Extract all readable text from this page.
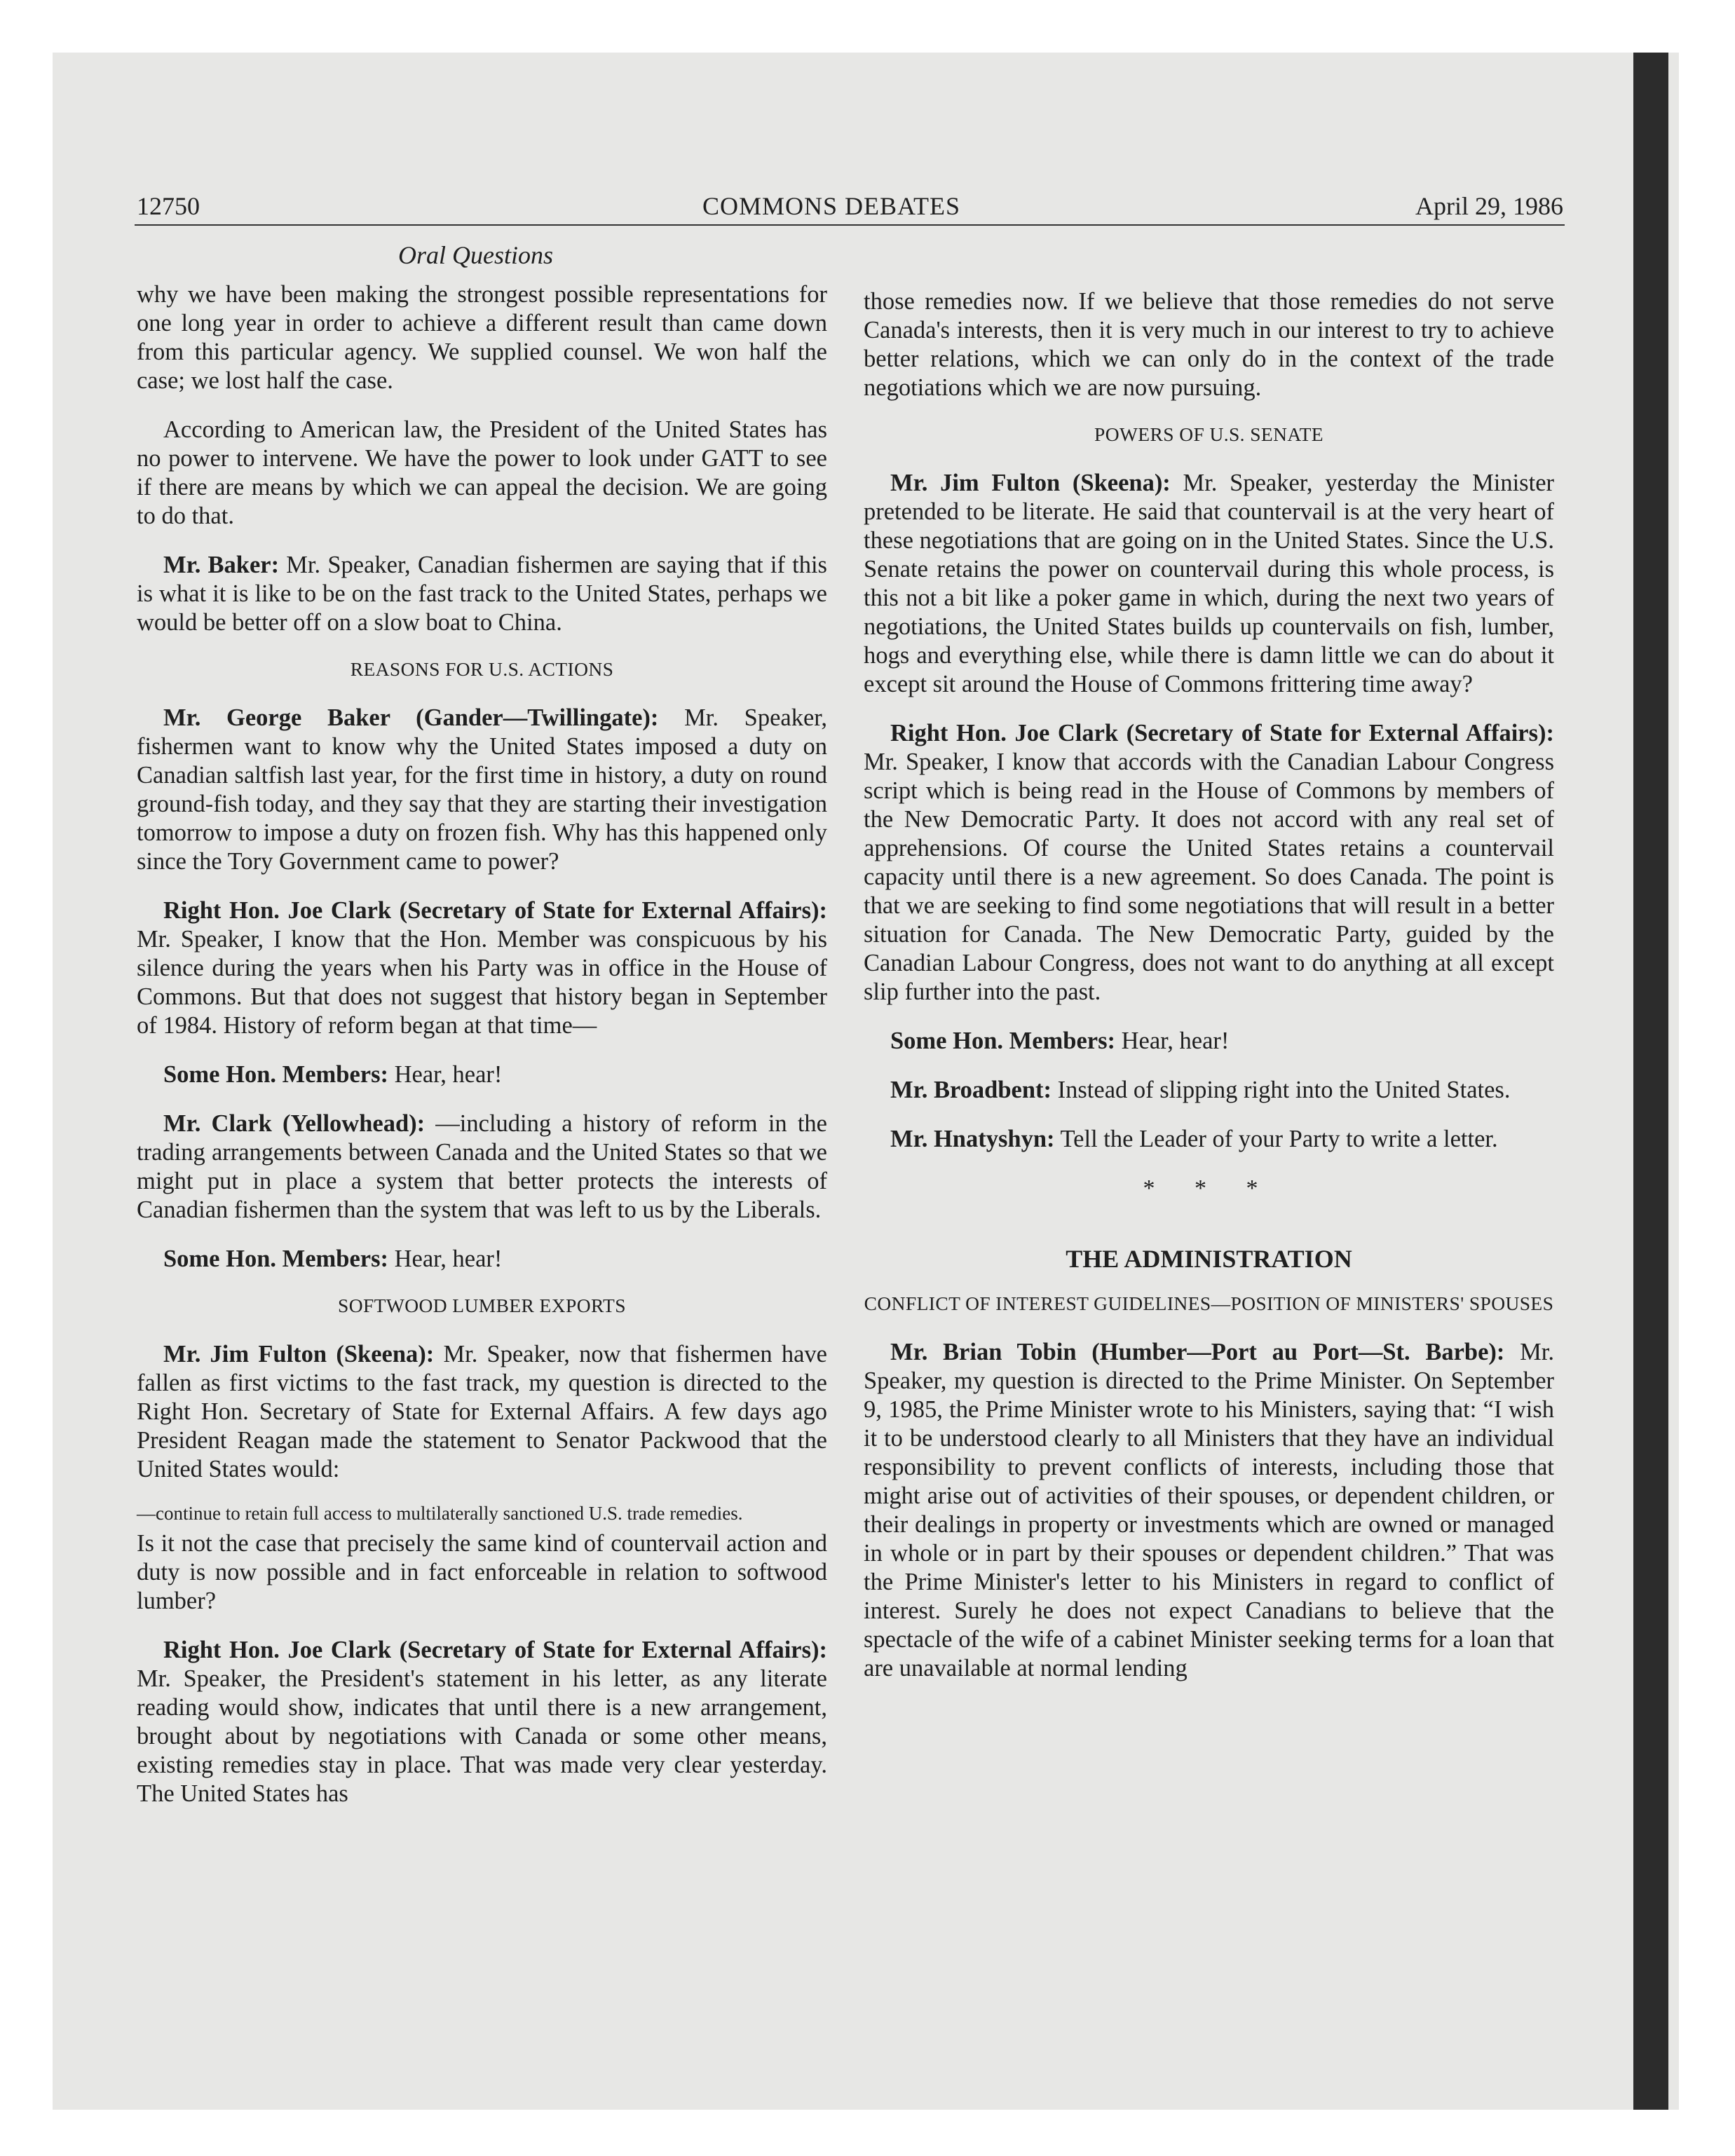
12750	COMMONS DEBATES	April 29, 1986
Oral Questions

why we have been making the strongest possible representations for one long year in order to achieve a different result than came down from this particular agency. We supplied counsel. We won half the case; we lost half the case.

According to American law, the President of the United States has no power to intervene. We have the power to look under GATT to see if there are means by which we can appeal the decision. We are going to do that.

Mr. Baker: Mr. Speaker, Canadian fishermen are saying that if this is what it is like to be on the fast track to the United States, perhaps we would be better off on a slow boat to China.

REASONS FOR U.S. ACTIONS

Mr. George Baker (Gander—Twillingate): Mr. Speaker, fishermen want to know why the United States imposed a duty on Canadian saltfish last year, for the first time in history, a duty on round ground-fish today, and they say that they are starting their investigation tomorrow to impose a duty on frozen fish. Why has this happened only since the Tory Government came to power?

Right Hon. Joe Clark (Secretary of State for External Affairs): Mr. Speaker, I know that the Hon. Member was conspicuous by his silence during the years when his Party was in office in the House of Commons. But that does not suggest that history began in September of 1984. History of reform began at that time—

Some Hon. Members: Hear, hear!

Mr. Clark (Yellowhead): —including a history of reform in the trading arrangements between Canada and the United States so that we might put in place a system that better protects the interests of Canadian fishermen than the system that was left to us by the Liberals.

Some Hon. Members: Hear, hear!

SOFTWOOD LUMBER EXPORTS

Mr. Jim Fulton (Skeena): Mr. Speaker, now that fishermen have fallen as first victims to the fast track, my question is directed to the Right Hon. Secretary of State for External Affairs. A few days ago President Reagan made the statement to Senator Packwood that the United States would:

—continue to retain full access to multilaterally sanctioned U.S. trade remedies.

Is it not the case that precisely the same kind of countervail action and duty is now possible and in fact enforceable in relation to softwood lumber?

Right Hon. Joe Clark (Secretary of State for External Affairs): Mr. Speaker, the President's statement in his letter, as any literate reading would show, indicates that until there is a new arrangement, brought about by negotiations with Canada or some other means, existing remedies stay in place. That was made very clear yesterday. The United States has

those remedies now. If we believe that those remedies do not serve Canada's interests, then it is very much in our interest to try to achieve better relations, which we can only do in the context of the trade negotiations which we are now pursuing.

POWERS OF U.S. SENATE

Mr. Jim Fulton (Skeena): Mr. Speaker, yesterday the Minister pretended to be literate. He said that countervail is at the very heart of these negotiations that are going on in the United States. Since the U.S. Senate retains the power on countervail during this whole process, is this not a bit like a poker game in which, during the next two years of negotiations, the United States builds up countervails on fish, lumber, hogs and everything else, while there is damn little we can do about it except sit around the House of Commons frittering time away?

Right Hon. Joe Clark (Secretary of State for External Affairs): Mr. Speaker, I know that accords with the Canadian Labour Congress script which is being read in the House of Commons by members of the New Democratic Party. It does not accord with any real set of apprehensions. Of course the United States retains a countervail capacity until there is a new agreement. So does Canada. The point is that we are seeking to find some negotiations that will result in a better situation for Canada. The New Democratic Party, guided by the Canadian Labour Congress, does not want to do anything at all except slip further into the past.

Some Hon. Members: Hear, hear!

Mr. Broadbent: Instead of slipping right into the United States.

Mr. Hnatyshyn: Tell the Leader of your Party to write a letter.

* * *

THE ADMINISTRATION

CONFLICT OF INTEREST GUIDELINES—POSITION OF MINISTERS' SPOUSES

Mr. Brian Tobin (Humber—Port au Port—St. Barbe): Mr. Speaker, my question is directed to the Prime Minister. On September 9, 1985, the Prime Minister wrote to his Ministers, saying that: “I wish it to be understood clearly to all Ministers that they have an individual responsibility to prevent conflicts of interests, including those that might arise out of activities of their spouses, or dependent children, or their dealings in property or investments which are owned or managed in whole or in part by their spouses or dependent children.” That was the Prime Minister's letter to his Ministers in regard to conflict of interest. Surely he does not expect Canadians to believe that the spectacle of the wife of a cabinet Minister seeking terms for a loan that are unavailable at normal lending
